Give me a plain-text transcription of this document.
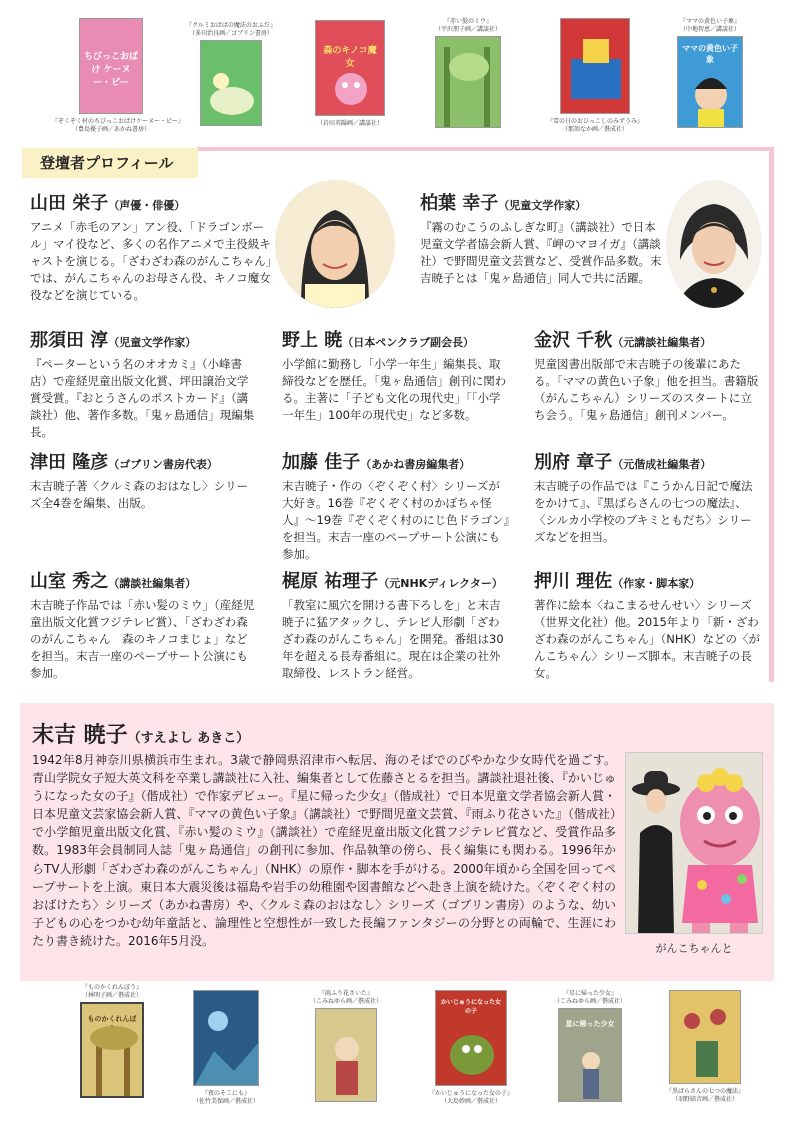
ちびっこおばけ ケーヌー・ピー
『ぞくぞく村のちびっこおばけケーヌー・ピー』
（豊島優子画／あかね書房）
『クルミおばばの魔法のおふだ』
（多田治良画／ゴブリン書房）
森のキノコ魔女
（岩田英陽画／講談社）
『赤い髪のミウ』
（平沢朋子画／講談社）
『雪の日のおひっこしのみずうみ』
（那須なか画／偕成社）
『ママの黄色い子象』
（中地智恵／講談社）
ママの黄色い子象
登壇者プロフィール
山田 栄子（声優・俳優）
アニメ「赤毛のアン」アン役、「ドラゴンボール」マイ役など、多くの名作アニメで主役級キャストを演じる。「ざわざわ森のがんこちゃん」では、がんこちゃんのお母さん役、キノコ魔女役などを演じている。
柏葉 幸子（児童文学作家）
『霧のむこうのふしぎな町』（講談社）で日本児童文学者協会新人賞、『岬のマヨイガ』（講談社）で野間児童文芸賞など、受賞作品多数。末吉暁子とは「鬼ヶ島通信」同人で共に活躍。
那須田 淳（児童文学作家）
『ペーターという名のオオカミ』（小峰書店）で産経児童出版文化賞、坪田譲治文学賞受賞。『おとうさんのポストカード』（講談社）他、著作多数。「鬼ヶ島通信」現編集長。
野上 暁（日本ペンクラブ副会長）
小学館に勤務し「小学一年生」編集長、取締役などを歴任。「鬼ヶ島通信」創刊に関わる。主著に「子ども文化の現代史」「「小学一年生」100年の現代史」など多数。
金沢 千秋（元講談社編集者）
児童図書出版部で末吉暁子の後輩にあたる。「ママの黄色い子象」他を担当。書籍版（がんこちゃん）シリーズのスタートに立ち会う。「鬼ヶ島通信」創刊メンバー。
津田 隆彦（ゴブリン書房代表）
末吉暁子著〈クルミ森のおはなし〉シリーズ全4巻を編集、出版。
加藤 佳子（あかね書房編集者）
末吉暁子・作の〈ぞくぞく村〉シリーズが大好き。16巻『ぞくぞく村のかぼちゃ怪人』〜19巻『ぞくぞく村のにじ色ドラゴン』を担当。末吉一座のペープサート公演にも参加。
別府 章子（元偕成社編集者）
末吉暁子の作品では『こうかん日記で魔法をかけて』、『黒ばらさんの七つの魔法』、〈シルカ小学校のブキミともだち〉シリーズなどを担当。
山室 秀之（講談社編集者）
末吉暁子作品では「赤い髪のミウ」（産経児童出版文化賞フジテレビ賞）、「ざわざわ森のがんこちゃん　森のキノコまじょ」などを担当。末吉一座のペープサート公演にも参加。
梶原 祐理子（元NHKディレクター）
「教室に風穴を開ける書下ろしを」と末吉暁子に猛アタックし、テレビ人形劇「ざわざわ森のがんこちゃん」を開発。番組は30年を超える長寿番組に。現在は企業の社外取締役、レストラン経営。
押川 理佐（作家・脚本家）
著作に絵本〈ねこまるせんせい〉シリーズ（世界文化社）他。2015年より「新・ざわざわ森のがんこちゃん」（NHK）などの〈がんこちゃん〉シリーズ脚本。末吉暁子の長女。
末吉 暁子（すえよし あきこ）
1942年8月神奈川県横浜市生まれ。3歳で静岡県沼津市へ転居、海のそばでのびやかな少女時代を過ごす。青山学院女子短大英文科を卒業し講談社に入社、編集者として佐藤さとるを担当。講談社退社後、『かいじゅうになった女の子』（偕成社）で作家デビュー。『星に帰った少女』（偕成社）で日本児童文学者協会新人賞・日本児童文芸家協会新人賞、『ママの黄色い子象』（講談社）で野間児童文芸賞、『雨ふり花さいた』（偕成社）で小学館児童出版文化賞、『赤い髪のミウ』（講談社）で産経児童出版文化賞フジテレビ賞など、受賞作品多数。1983年会員制同人誌「鬼ヶ島通信」の創刊に参加、作品執筆の傍ら、長く編集にも関わる。1996年からTV人形劇「ざわざわ森のがんこちゃん」（NHK）の原作・脚本を手がける。2000年頃から全国を回ってペープサートを上演。東日本大震災後は福島や岩手の幼稚園や図書館などへ赴き上演を続けた。〈ぞくぞく村のおばけたち〉シリーズ（あかね書房）や、〈クルミ森のおはなし〉シリーズ（ゴブリン書房）のような、幼い子どもの心をつかむ幼年童話と、論理性と空想性が一致した長編ファンタジーの分野との両輪で、生涯にわたり書き続けた。2016年5月没。
がんこちゃんと
『ものかくれんぼう』
（林明子画／偕成社）
ものかくれんぼ
『夜のそこにも』
（佐竹美保画／偕成社）
『雨ふり花さいた』
（こみねゆら画／偕成社）	かいじゅうになった女の子
『かいじゅうになった女の子』
（大島妙画／偕成社）
『星に帰った少女』
（こみねゆら画／偕成社）
星に帰った少女
『黒ばらさんの七つの魔法』
（羽野結音画／偕成社）
